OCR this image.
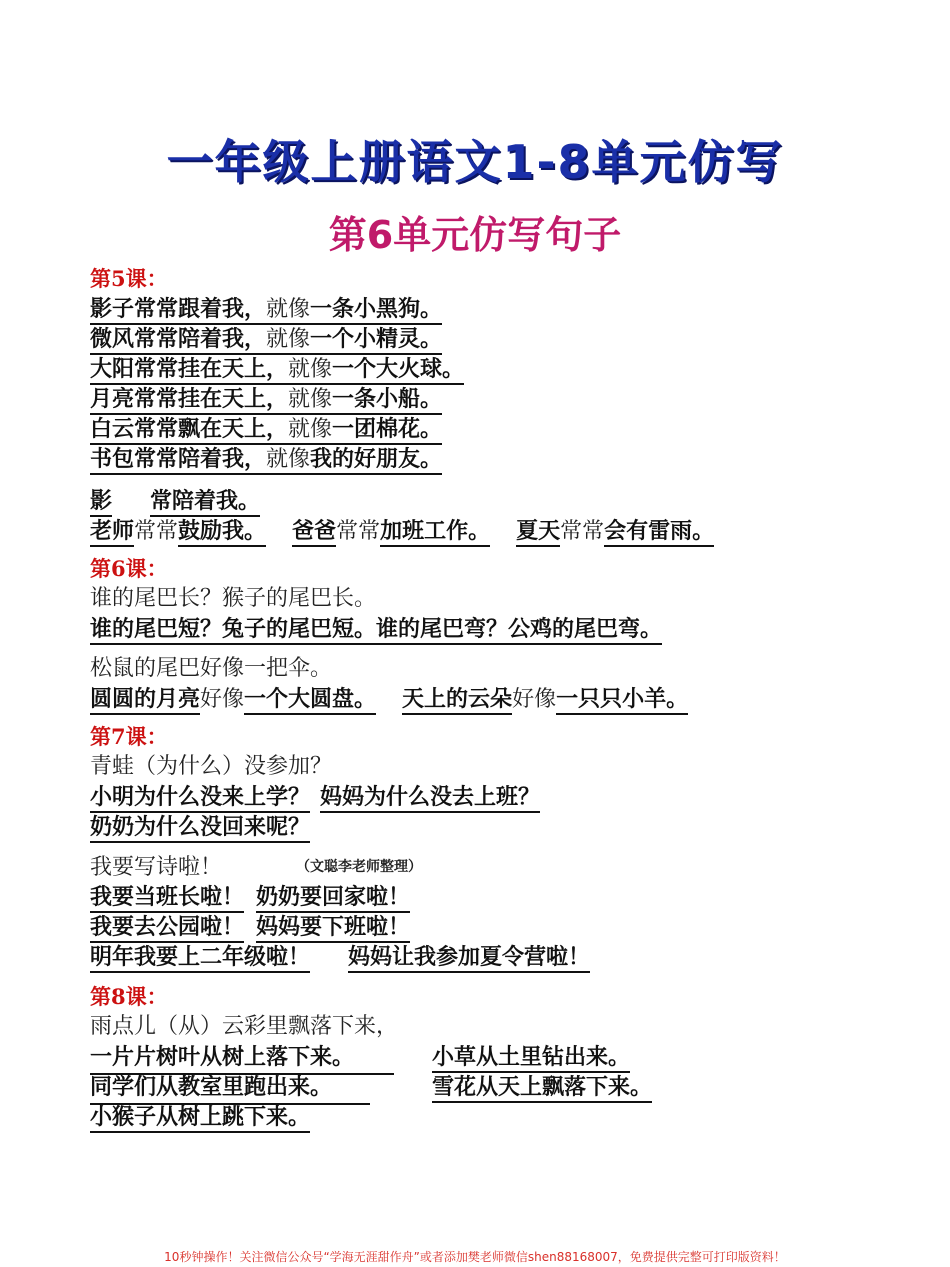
一年级上册语文1-8单元仿写
第6单元仿写句子
第5课：
影子常常跟着我，就像一条小黑狗。
微风常常陪着我，就像一个小精灵。
大阳常常挂在天上，就像一个大火球。
月亮常常挂在天上，就像一条小船。
白云常常飘在天上，就像一团棉花。
书包常常陪着我，就像我的好朋友。
影 常陪着我。
老师常常鼓励我。 爸爸常常加班工作。 夏天常常会有雷雨。
第6课：
谁的尾巴长？猴子的尾巴长。
谁的尾巴短？兔子的尾巴短。谁的尾巴弯？公鸡的尾巴弯。
松鼠的尾巴好像一把伞。
圆圆的月亮好像一个大圆盘。 天上的云朵好像一只只小羊。
第7课：
青蛙（为什么）没参加？
小明为什么没来上学？ 妈妈为什么没去上班？
奶奶为什么没回来呢？
我要写诗啦！	（文聪李老师整理）
我要当班长啦！ 奶奶要回家啦！
我要去公园啦！ 妈妈要下班啦！
明年我要上二年级啦！ 妈妈让我参加夏令营啦！
第8课：
雨点儿（从）云彩里飘落下来，
一片片树叶从树上落下来。	小草从土里钻出来。
同学们从教室里跑出来。	雪花从天上飘落下来。
小猴子从树上跳下来。
10秒钟操作！关注微信公众号“学海无涯甜作舟”或者添加樊老师微信shen88168007，免费提供完整可打印版资料！
